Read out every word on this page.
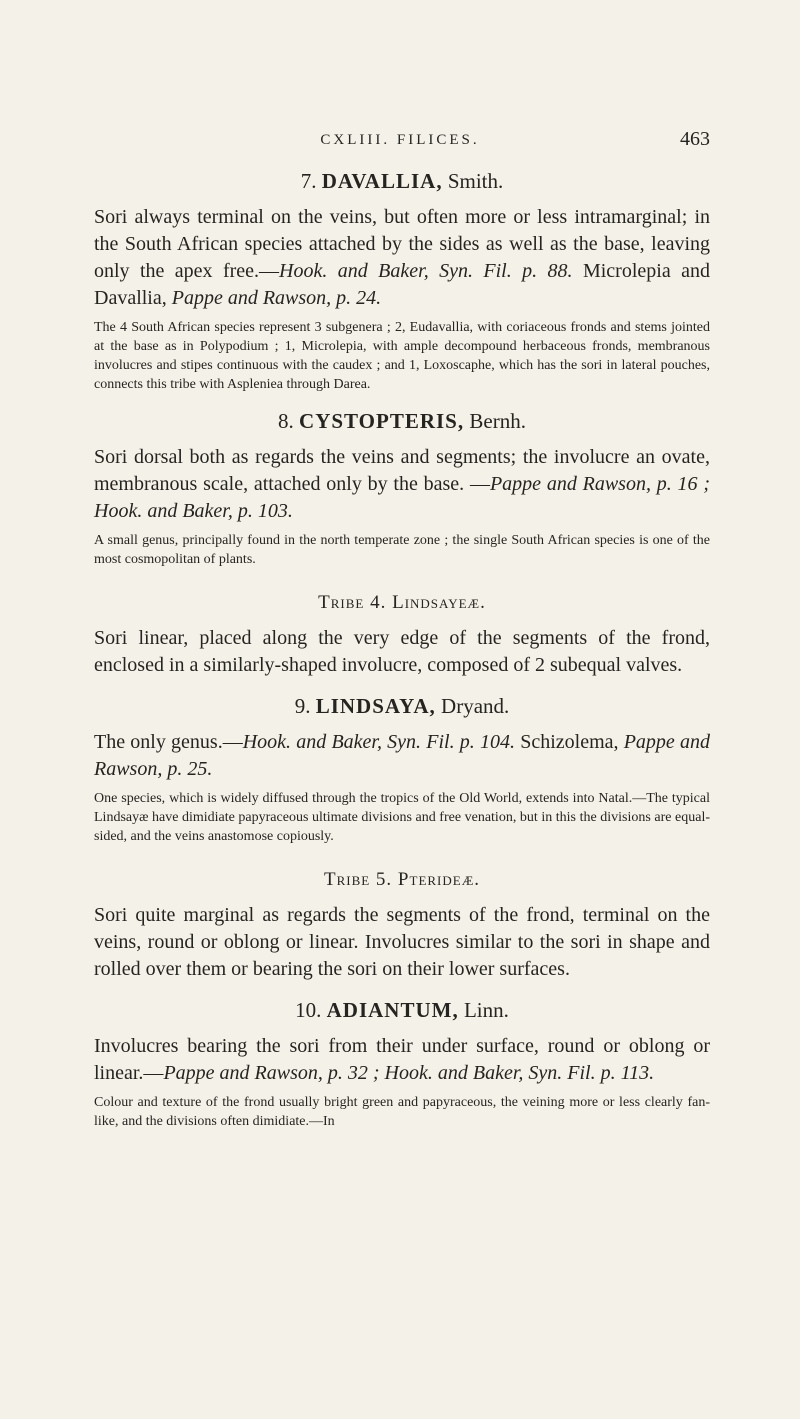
CXLIII. FILICES.	463
7. DAVALLIA, Smith.

Sori always terminal on the veins, but often more or less intramarginal; in the South African species attached by the sides as well as the base, leaving only the apex free.—Hook. and Baker, Syn. Fil. p. 88. Microlepia and Davallia, Pappe and Rawson, p. 24.

The 4 South African species represent 3 subgenera ; 2, Eudavallia, with coriaceous fronds and stems jointed at the base as in Polypodium ; 1, Microlepia, with ample decompound herbaceous fronds, membranous involucres and stipes continuous with the caudex ; and 1, Loxoscaphe, which has the sori in lateral pouches, connects this tribe with Aspleniea through Darea.

8. CYSTOPTERIS, Bernh.

Sori dorsal both as regards the veins and segments; the involucre an ovate, membranous scale, attached only by the base. —Pappe and Rawson, p. 16 ; Hook. and Baker, p. 103.

A small genus, principally found in the north temperate zone ; the single South African species is one of the most cosmopolitan of plants.

Tribe 4. Lindsayeæ.

Sori linear, placed along the very edge of the segments of the frond, enclosed in a similarly-shaped involucre, composed of 2 subequal valves.

9. LINDSAYA, Dryand.

The only genus.—Hook. and Baker, Syn. Fil. p. 104. Schizolema, Pappe and Rawson, p. 25.

One species, which is widely diffused through the tropics of the Old World, extends into Natal.—The typical Lindsayæ have dimidiate papyraceous ultimate divisions and free venation, but in this the divisions are equal-sided, and the veins anastomose copiously.

Tribe 5. Pterideæ.

Sori quite marginal as regards the segments of the frond, terminal on the veins, round or oblong or linear. Involucres similar to the sori in shape and rolled over them or bearing the sori on their lower surfaces.

10. ADIANTUM, Linn.

Involucres bearing the sori from their under surface, round or oblong or linear.—Pappe and Rawson, p. 32 ; Hook. and Baker, Syn. Fil. p. 113.

Colour and texture of the frond usually bright green and papyraceous, the veining more or less clearly fan-like, and the divisions often dimidiate.—In
